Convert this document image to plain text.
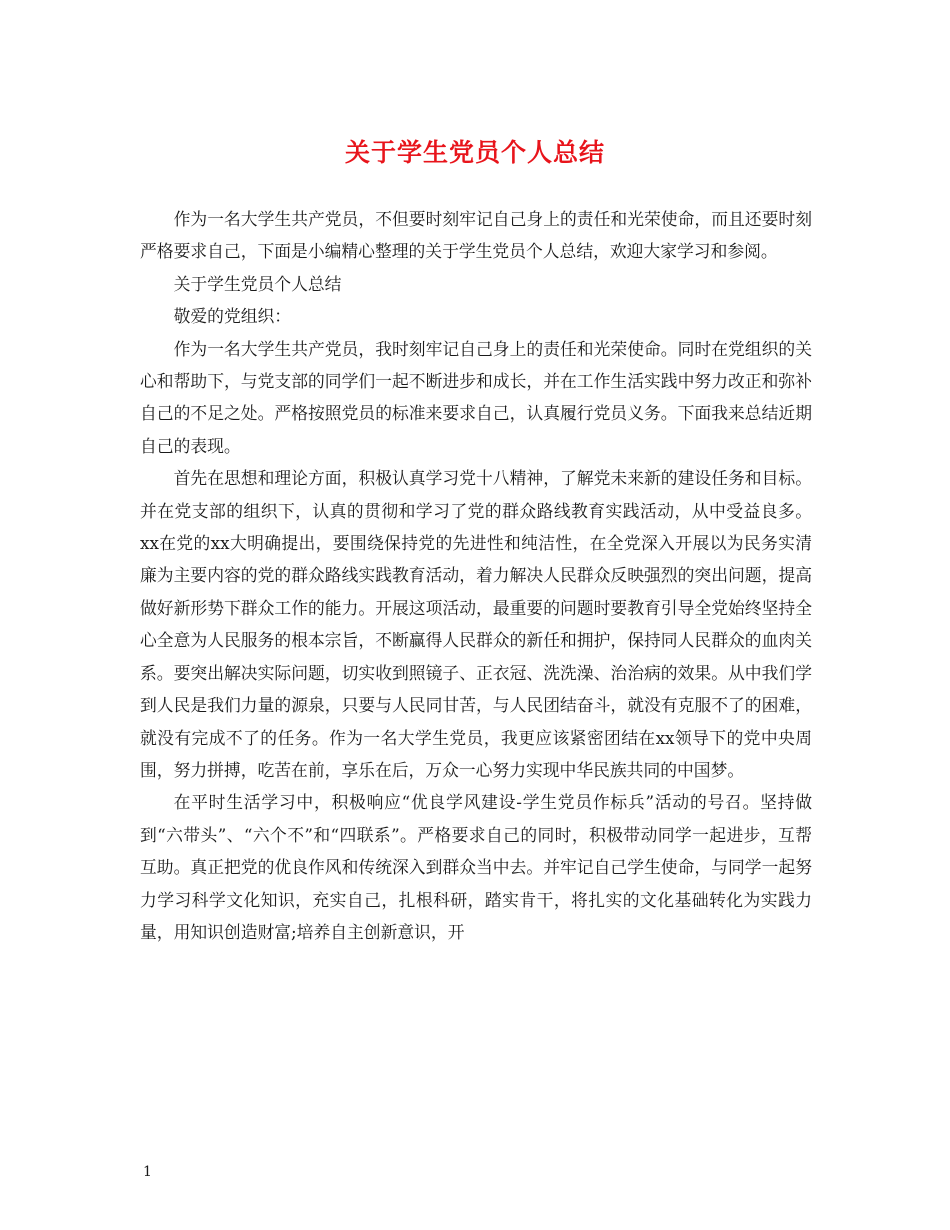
关于学生党员个人总结

作为一名大学生共产党员，不但要时刻牢记自己身上的责任和光荣使命，而且还要时刻严格要求自己，下面是小编精心整理的关于学生党员个人总结，欢迎大家学习和参阅。

关于学生党员个人总结

敬爱的党组织：

作为一名大学生共产党员，我时刻牢记自己身上的责任和光荣使命。同时在党组织的关心和帮助下，与党支部的同学们一起不断进步和成长，并在工作生活实践中努力改正和弥补自己的不足之处。严格按照党员的标准来要求自己，认真履行党员义务。下面我来总结近期自己的表现。

首先在思想和理论方面，积极认真学习党十八精神，了解党未来新的建设任务和目标。并在党支部的组织下，认真的贯彻和学习了党的群众路线教育实践活动，从中受益良多。xx在党的xx大明确提出，要围绕保持党的先进性和纯洁性，在全党深入开展以为民务实清廉为主要内容的党的群众路线实践教育活动，着力解决人民群众反映强烈的突出问题，提高做好新形势下群众工作的能力。开展这项活动，最重要的问题时要教育引导全党始终坚持全心全意为人民服务的根本宗旨，不断赢得人民群众的新任和拥护，保持同人民群众的血肉关系。要突出解决实际问题，切实收到照镜子、正衣冠、洗洗澡、治治病的效果。从中我们学到人民是我们力量的源泉，只要与人民同甘苦，与人民团结奋斗，就没有克服不了的困难，就没有完成不了的任务。作为一名大学生党员，我更应该紧密团结在xx领导下的党中央周围，努力拼搏，吃苦在前，享乐在后，万众一心努力实现中华民族共同的中国梦。

在平时生活学习中，积极响应“优良学风建设-学生党员作标兵”活动的号召。坚持做到“六带头”、“六个不”和“四联系”。严格要求自己的同时，积极带动同学一起进步，互帮互助。真正把党的优良作风和传统深入到群众当中去。并牢记自己学生使命，与同学一起努力学习科学文化知识，充实自己，扎根科研，踏实肯干，将扎实的文化基础转化为实践力量，用知识创造财富;培养自主创新意识，开

1
